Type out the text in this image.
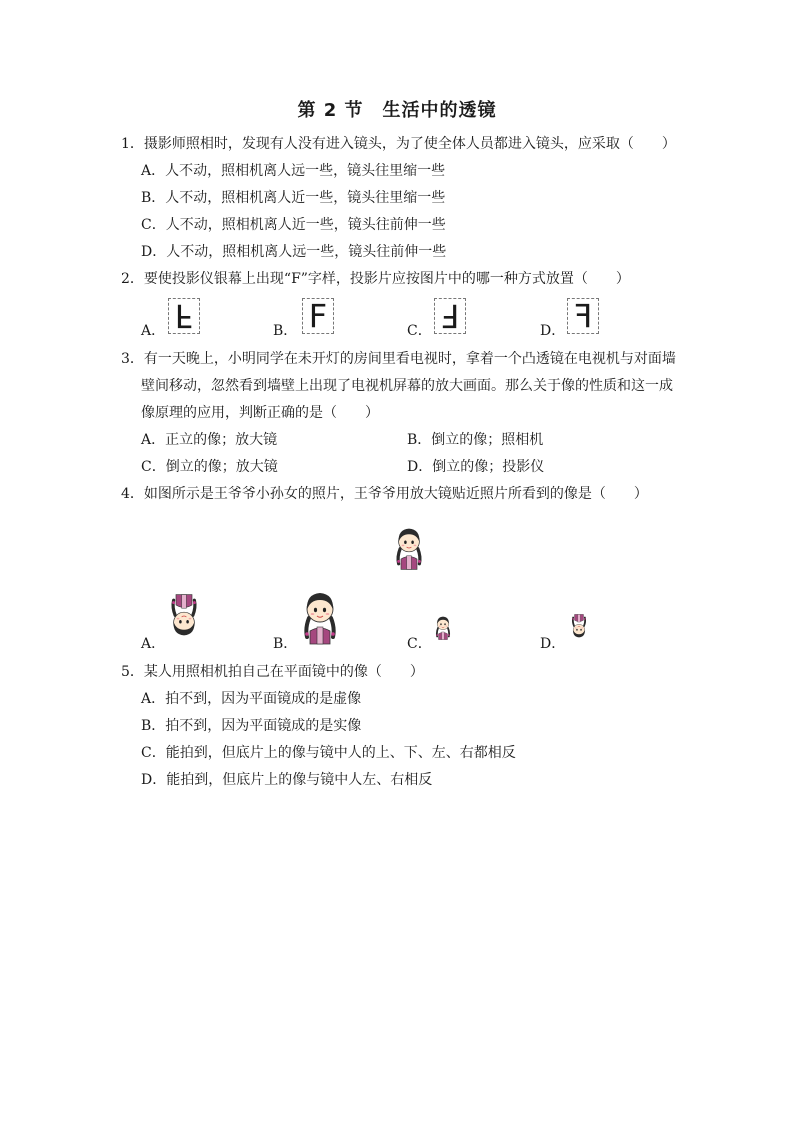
第 2 节　生活中的透镜
1．摄影师照相时，发现有人没有进入镜头，为了使全体人员都进入镜头，应采取（　　）
A．人不动，照相机离人远一些，镜头往里缩一些
B．人不动，照相机离人近一些，镜头往里缩一些
C．人不动，照相机离人近一些，镜头往前伸一些
D．人不动，照相机离人远一些，镜头往前伸一些
2．要使投影仪银幕上出现“F”字样，投影片应按图片中的哪一种方式放置（　　）
A． F	B． F	C． F	D． F
3．有一天晚上，小明同学在未开灯的房间里看电视时，拿着一个凸透镜在电视机与对面墙
壁间移动，忽然看到墙壁上出现了电视机屏幕的放大画面。那么关于像的性质和这一成
像原理的应用，判断正确的是（　　）
A．正立的像；放大镜	B．倒立的像；照相机
C．倒立的像；放大镜	D．倒立的像；投影仪
4．如图所示是王爷爷小孙女的照片，王爷爷用放大镜贴近照片所看到的像是（　　）
A．	B．	C．	D．
5．某人用照相机拍自己在平面镜中的像（　　）
A．拍不到，因为平面镜成的是虚像
B．拍不到，因为平面镜成的是实像
C．能拍到，但底片上的像与镜中人的上、下、左、右都相反
D．能拍到，但底片上的像与镜中人左、右相反
